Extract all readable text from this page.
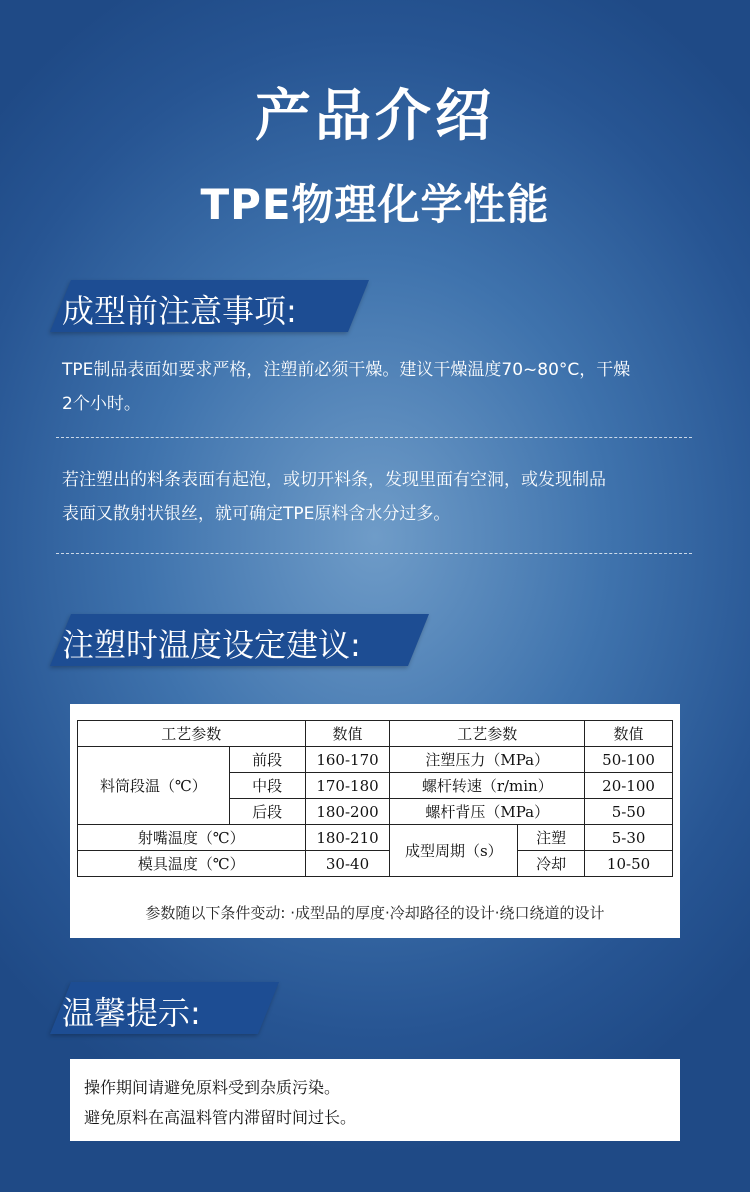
产品介绍
TPE物理化学性能
成型前注意事项:
TPE制品表面如要求严格，注塑前必须干燥。建议干燥温度70~80°C，干燥
2个小时。
若注塑出的料条表面有起泡，或切开料条，发现里面有空洞，或发现制品
表面又散射状银丝，就可确定TPE原料含水分过多。
注塑时温度设定建议:
工艺参数		数值	工艺参数		数值
料筒段温（℃）	前段	160-170	注塑压力（MPa）		50-100
	中段	170-180	螺杆转速（r/min）		20-100
	后段	180-200	螺杆背压（MPa）		5-50
射嘴温度（℃）		180-210	成型周期（s）	注塑	5-30
模具温度（℃）		30-40		冷却	10-50
参数随以下条件变动: ·成型品的厚度·冷却路径的设计·绕口绕道的设计
温馨提示:
操作期间请避免原料受到杂质污染。
避免原料在高温料管内滞留时间过长。
